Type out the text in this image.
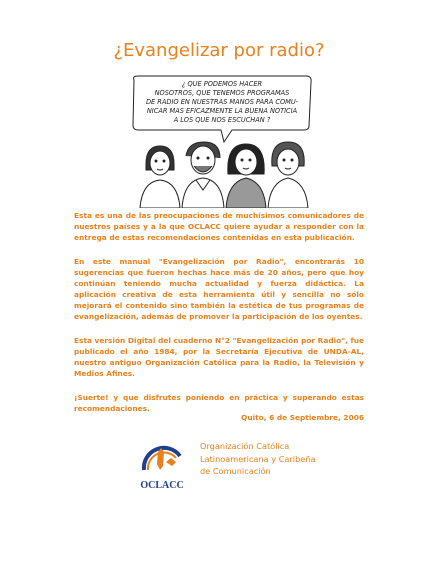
¿Evangelizar por radio?
¿ QUE PODEMOS HACER
NOSOTROS, QUE TENEMOS PROGRAMAS
DE RADIO EN NUESTRAS MANOS PARA COMU-
NICAR MAS EFICAZMENTE LA BUENA NOTICIA
A LOS QUE NOS ESCUCHAN ?
Esta es una de las preocupaciones de muchísimos comunicadores de nuestros países y a la que OCLACC quiere ayudar a responder con la entrega de estas recomendaciones contenidas en esta publicación.
En este manual "Evangelización por Radio", encontrarás 10 sugerencias que fueron hechas hace más de 20 años, pero que hoy continúan teniendo mucha actualidad y fuerza didáctica. La aplicación creativa de esta herramienta útil y sencilla no sólo mejorará el contenido sino también la estética de tus programas de evangelización, además de promover la participación de los oyentes.
Esta versión Digital del cuaderno N°2 "Evangelización por Radio", fue publicado el año 1984, por la Secretaría Ejecutiva de UNDA-AL, nuestro antiguo Organización Católica para la Radio, la Televisión y Medios Afines.
¡Suerte! y que disfrutes poniendo en práctica y superando estas recomendaciones.
Quito, 6 de Septiembre, 2006
OCLACC
Organización Católica
Latinoamericana y Caribeña
de Comunicación
